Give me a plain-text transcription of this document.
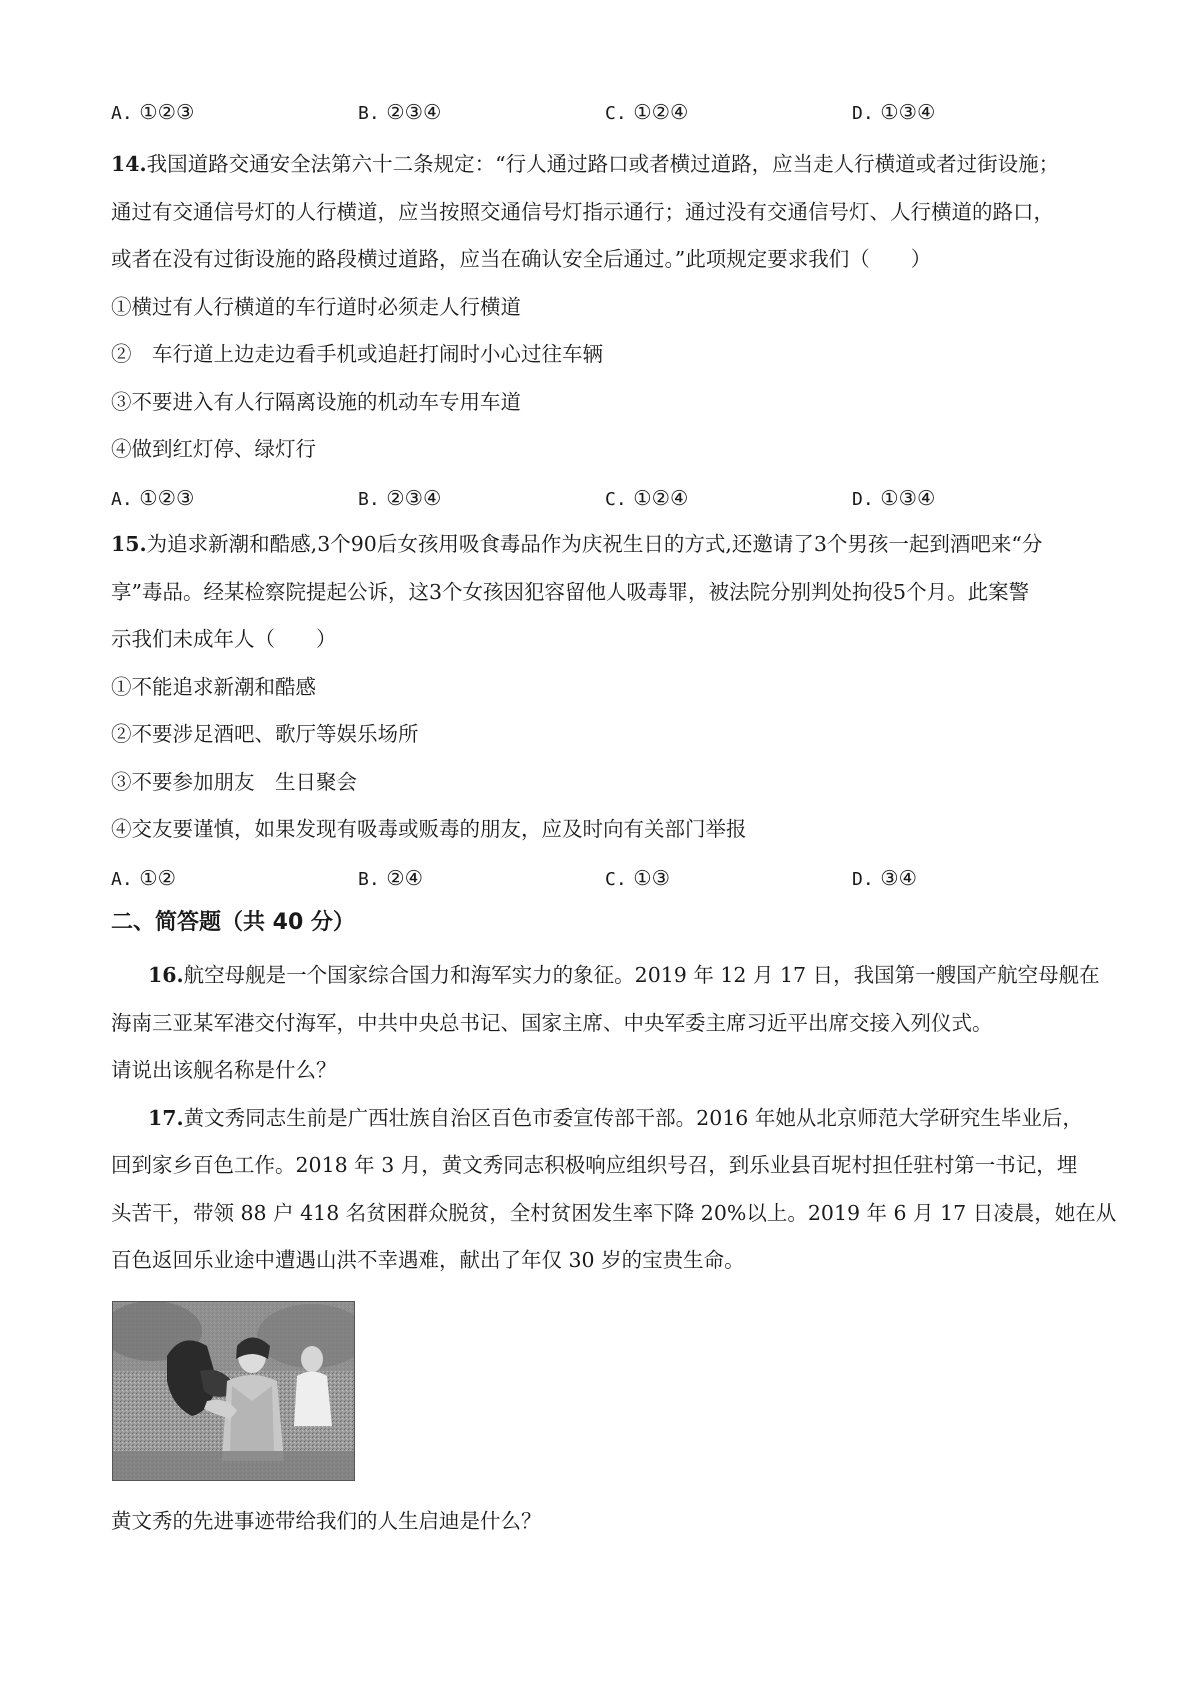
A. ①②③	B. ②③④	C. ①②④	D. ①③④
14.我国道路交通安全法第六十二条规定：“行人通过路口或者横过道路，应当走人行横道或者过街设施；
通过有交通信号灯的人行横道，应当按照交通信号灯指示通行；通过没有交通信号灯、人行横道的路口，
或者在没有过街设施的路段横过道路，应当在确认安全后通过。”此项规定要求我们（　　）
①横过有人行横道的车行道时必须走人行横道
②　车行道上边走边看手机或追赶打闹时小心过往车辆
③不要进入有人行隔离设施的机动车专用车道
④做到红灯停、绿灯行
A. ①②③	B. ②③④	C. ①②④	D. ①③④
15.为追求新潮和酷感,3个90后女孩用吸食毒品作为庆祝生日的方式,还邀请了3个男孩一起到酒吧来“分
享”毒品。经某检察院提起公诉，这3个女孩因犯容留他人吸毒罪，被法院分别判处拘役5个月。此案警
示我们未成年人（　　）
①不能追求新潮和酷感
②不要涉足酒吧、歌厅等娱乐场所
③不要参加朋友　生日聚会
④交友要谨慎，如果发现有吸毒或贩毒的朋友，应及时向有关部门举报
A. ①②	B. ②④	C. ①③	D. ③④
二、简答题（共 40 分）
16.航空母舰是一个国家综合国力和海军实力的象征。2019 年 12 月 17 日，我国第一艘国产航空母舰在
海南三亚某军港交付海军，中共中央总书记、国家主席、中央军委主席习近平出席交接入列仪式。
请说出该舰名称是什么？
17.黄文秀同志生前是广西壮族自治区百色市委宣传部干部。2016 年她从北京师范大学研究生毕业后，
回到家乡百色工作。2018 年 3 月，黄文秀同志积极响应组织号召，到乐业县百坭村担任驻村第一书记，埋
头苦干，带领 88 户 418 名贫困群众脱贫，全村贫困发生率下降 20%以上。2019 年 6 月 17 日凌晨，她在从
百色返回乐业途中遭遇山洪不幸遇难，献出了年仅 30 岁的宝贵生命。
黄文秀的先进事迹带给我们的人生启迪是什么？
